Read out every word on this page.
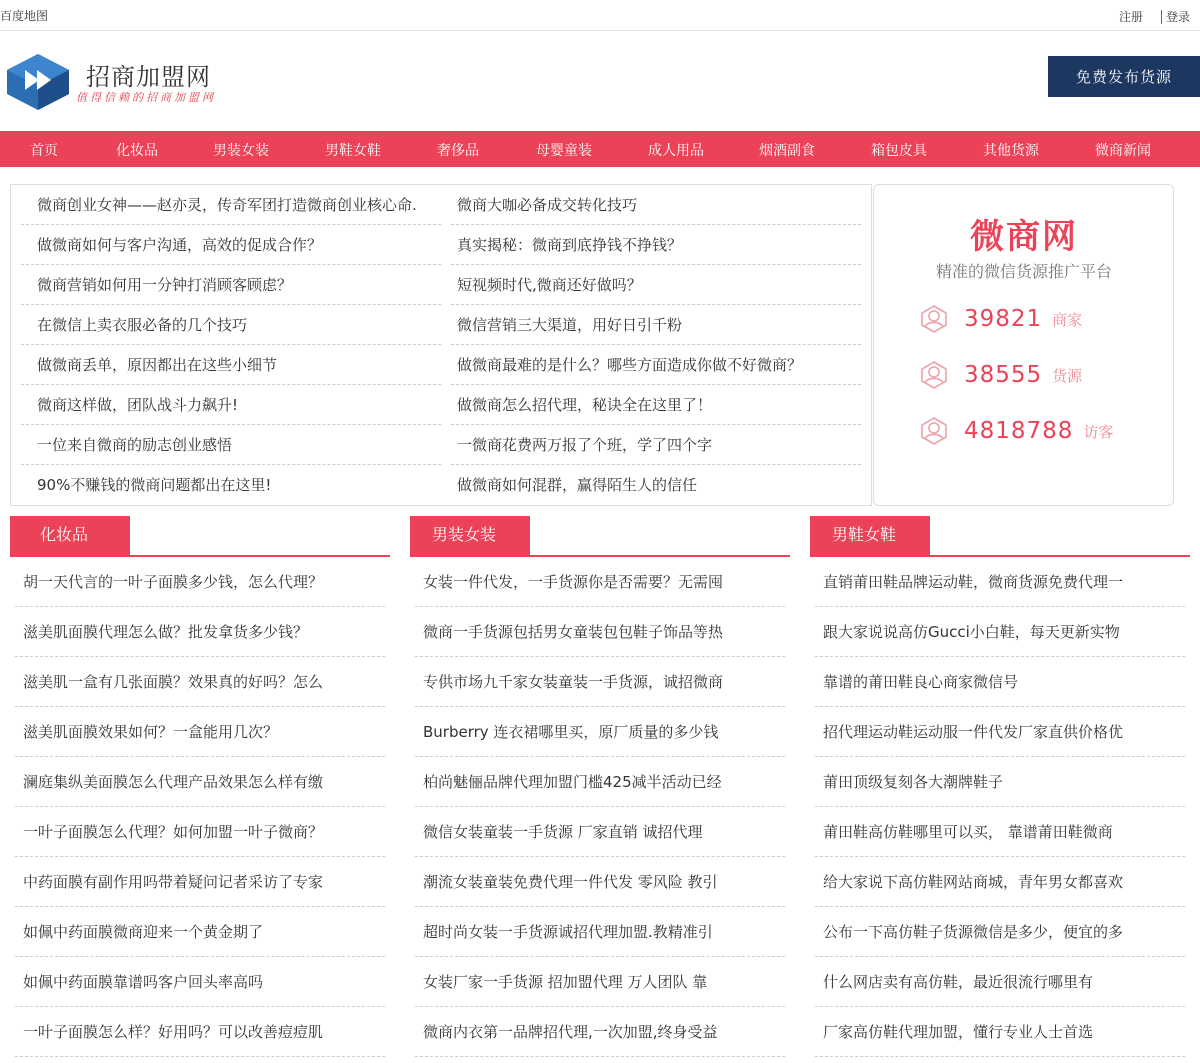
百度地图	注册 登录
招商加盟网
值得信赖的招商加盟网
免费发布货源
首页	化妆品	男装女装	男鞋女鞋	奢侈品	母婴童装	成人用品	烟酒副食	箱包皮具	其他货源	微商新闻
微商创业女神——赵亦灵，传奇军团打造微商创业核心命.
做微商如何与客户沟通，高效的促成合作？
微商营销如何用一分钟打消顾客顾虑？
在微信上卖衣服必备的几个技巧
做微商丢单，原因都出在这些小细节
微商这样做，团队战斗力飙升!
一位来自微商的励志创业感悟
90%不赚钱的微商问题都出在这里!
微商大咖必备成交转化技巧
真实揭秘：微商到底挣钱不挣钱？
短视频时代,微商还好做吗？
微信营销三大渠道，用好日引千粉
做微商最难的是什么？哪些方面造成你做不好微商？
做微商怎么招代理，秘诀全在这里了！
一微商花费两万报了个班，学了四个字
做微商如何混群，赢得陌生人的信任
微商网
精准的微信货源推广平台
39821 商家
38555 货源
4818788 访客
化妆品
胡一天代言的一叶子面膜多少钱，怎么代理？
滋美肌面膜代理怎么做？批发拿货多少钱？
滋美肌一盒有几张面膜？效果真的好吗？怎么
滋美肌面膜效果如何？一盒能用几次？
澜庭集纵美面膜怎么代理产品效果怎么样有缴
一叶子面膜怎么代理？如何加盟一叶子微商？
中药面膜有副作用吗带着疑问记者采访了专家
如佩中药面膜微商迎来一个黄金期了
如佩中药面膜靠谱吗客户回头率高吗
一叶子面膜怎么样？好用吗？可以改善痘痘肌
男装女装
女装一件代发，一手货源你是否需要？无需囤
微商一手货源包括男女童装包包鞋子饰品等热
专供市场九千家女装童装一手货源，诚招微商
Burberry 连衣裙哪里买，原厂质量的多少钱
柏尚魅俪品牌代理加盟门槛425减半活动已经
微信女装童装一手货源 厂家直销 诚招代理
潮流女装童装免费代理一件代发 零风险 教引
超时尚女装一手货源诚招代理加盟.教精准引
女装厂家一手货源 招加盟代理 万人团队 靠
微商内衣第一品牌招代理,一次加盟,终身受益
男鞋女鞋
直销莆田鞋品牌运动鞋，微商货源免费代理一
跟大家说说高仿Gucci小白鞋，每天更新实物
靠谱的莆田鞋良心商家微信号
招代理运动鞋运动服一件代发厂家直供价格优
莆田顶级复刻各大潮牌鞋子
莆田鞋高仿鞋哪里可以买， 靠谱莆田鞋微商
给大家说下高仿鞋网站商城，青年男女都喜欢
公布一下高仿鞋子货源微信是多少，便宜的多
什么网店卖有高仿鞋，最近很流行哪里有
厂家高仿鞋代理加盟，懂行专业人士首选
